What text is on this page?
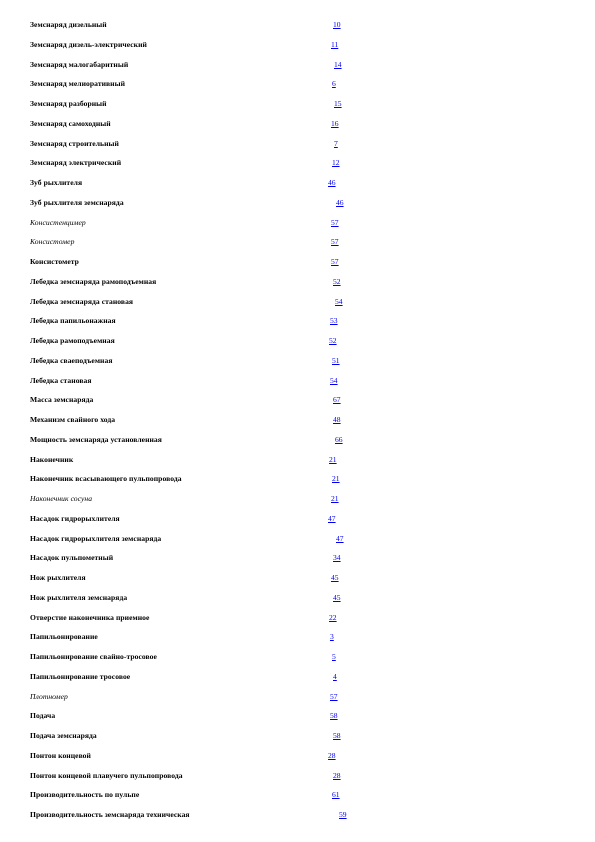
Земснаряд дизельный	10
Земснаряд дизель-электрический	11
Земснаряд малогабаритный	14
Земснаряд мелиоративный	6
Земснаряд разборный	15
Земснаряд самоходный	16
Земснаряд строительный	7
Земснаряд электрический	12
Зуб рыхлителя	46
Зуб рыхлителя земснаряда	46
Консистенцимер	57
Консистомер	57
Консистометр	57
Лебедка земснаряда рамоподъемная	52
Лебедка земснаряда становая	54
Лебедка папильонажная	53
Лебедка рамоподъемная	52
Лебедка сваеподъемная	51
Лебедка становая	54
Масса земснаряда	67
Механизм свайного хода	48
Мощность земснаряда установленная	66
Наконечник	21
Наконечник всасывающего пульпопровода	21
Наконечник сосуна	21
Насадок гидрорыхлителя	47
Насадок гидрорыхлителя земснаряда	47
Насадок пульпометный	34
Нож рыхлителя	45
Нож рыхлителя земснаряда	45
Отверстие наконечника приемное	22
Папильонирование	3
Папильонирование свайно-тросовое	5
Папильонирование тросовое	4
Плотномер	57
Подача	58
Подача земснаряда	58
Понтон концевой	28
Понтон концевой плавучего пульпопровода	28
Производительность по пульпе	61
Производительность земснаряда техническая	59
